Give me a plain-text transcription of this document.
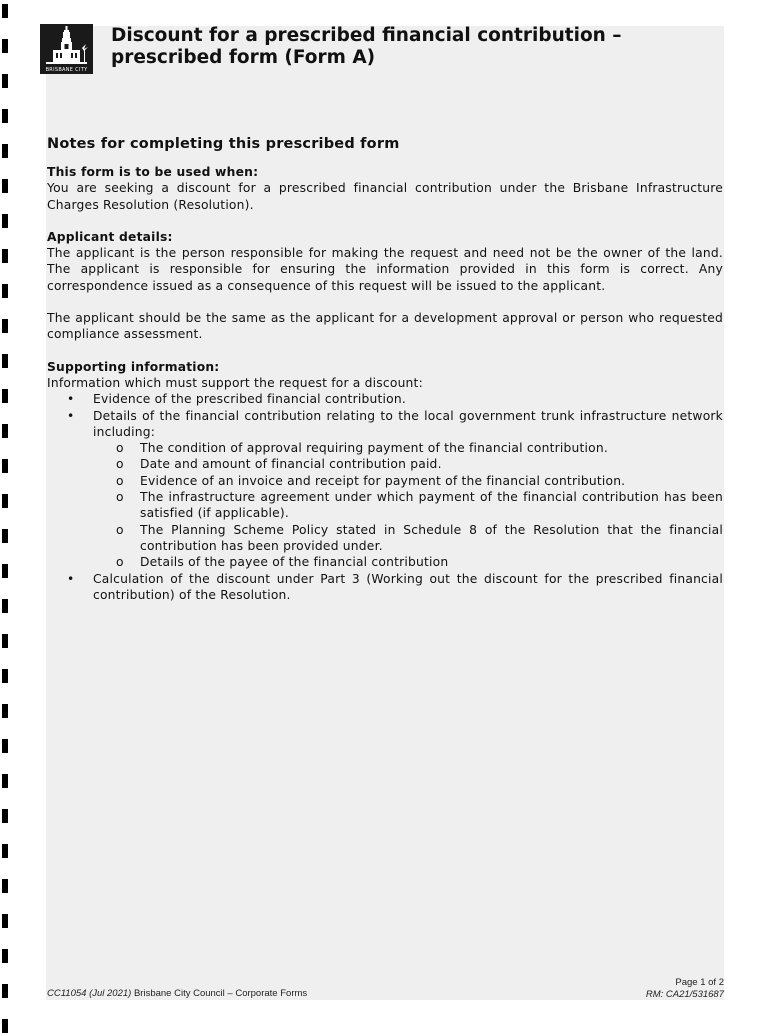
BRISBANE CITY
Discount for a prescribed financial contribution – prescribed form (Form A)
Notes for completing this prescribed form

This form is to be used when:

You are seeking a discount for a prescribed financial contribution under the Brisbane Infrastructure Charges Resolution (Resolution).

Applicant details:

The applicant is the person responsible for making the request and need not be the owner of the land. The applicant is responsible for ensuring the information provided in this form is correct. Any correspondence issued as a consequence of this request will be issued to the applicant.

The applicant should be the same as the applicant for a development approval or person who requested compliance assessment.

Supporting information:

Information which must support the request for a discount:

• Evidence of the prescribed financial contribution.
• Details of the financial contribution relating to the local government trunk infrastructure network including:
o The condition of approval requiring payment of the financial contribution.
o Date and amount of financial contribution paid.
o Evidence of an invoice and receipt for payment of the financial contribution.
o The infrastructure agreement under which payment of the financial contribution has been satisfied (if applicable).
o The Planning Scheme Policy stated in Schedule 8 of the Resolution that the financial contribution has been provided under.
o Details of the payee of the financial contribution
• Calculation of the discount under Part 3 (Working out the discount for the prescribed financial contribution) of the Resolution.
CC11054 (Jul 2021) Brisbane City Council – Corporate Forms
Page 1 of 2
RM: CA21/531687
